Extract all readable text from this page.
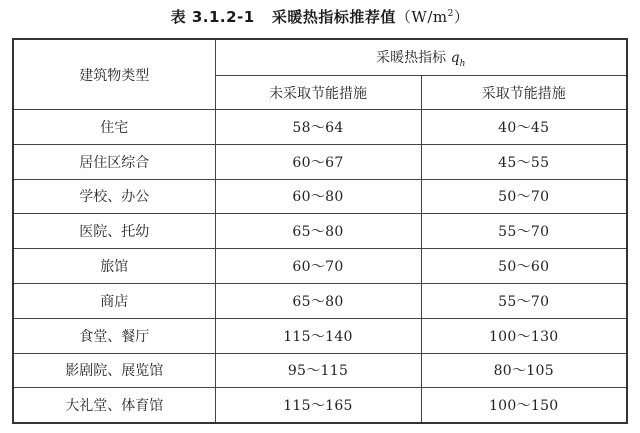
表 3.1.2-1 采暖热指标推荐值$(W/m^2)$
建筑物类型	采暖热指标 $q_h$
	未采取节能措施	采取节能措施
住宅	58～64	40～45
居住区综合	60～67	45～55
学校、办公	60～80	50～70
医院、托幼	65～80	55～70
旅馆	60～70	50～60
商店	65～80	55～70
食堂、餐厅	115～140	100～130
影剧院、展览馆	95～115	80～105
大礼堂、体育馆	115～165	100～150
